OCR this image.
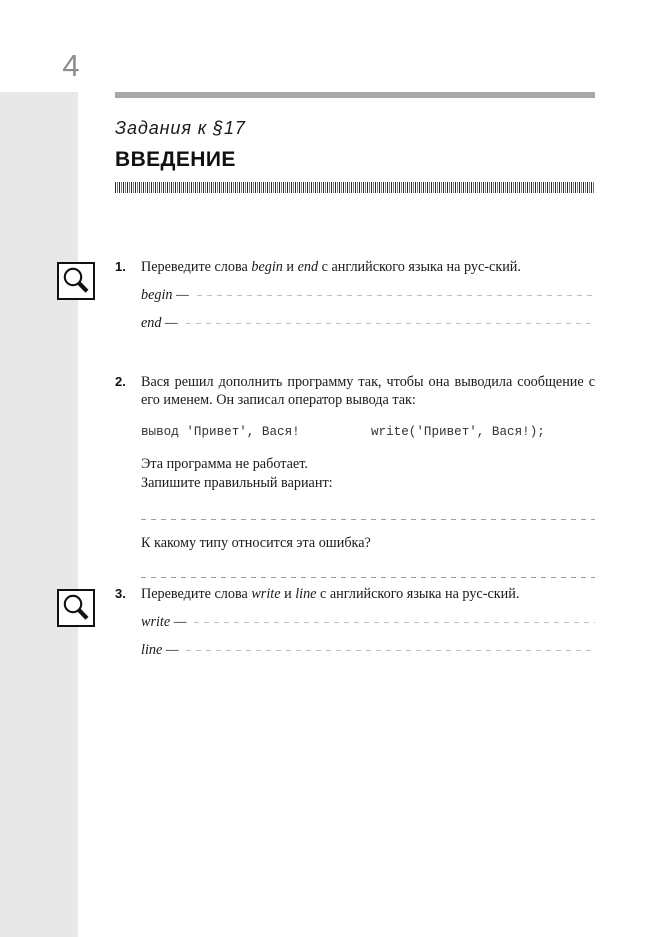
4
Задания к §17
ВВЕДЕНИЕ
1.	Переведите слова begin и end с английского языка на рус-ский.
begin —
end —
2.	Вася решил дополнить программу так, чтобы она выводила сообщение с его именем. Он записал оператор вывода так:
вывод 'Привет', Вася!	write('Привет', Вася!);
Эта программа не работает.
Запишите правильный вариант:
К какому типу относится эта ошибка?
3.	Переведите слова write и line с английского языка на рус-ский.
write —
line —
